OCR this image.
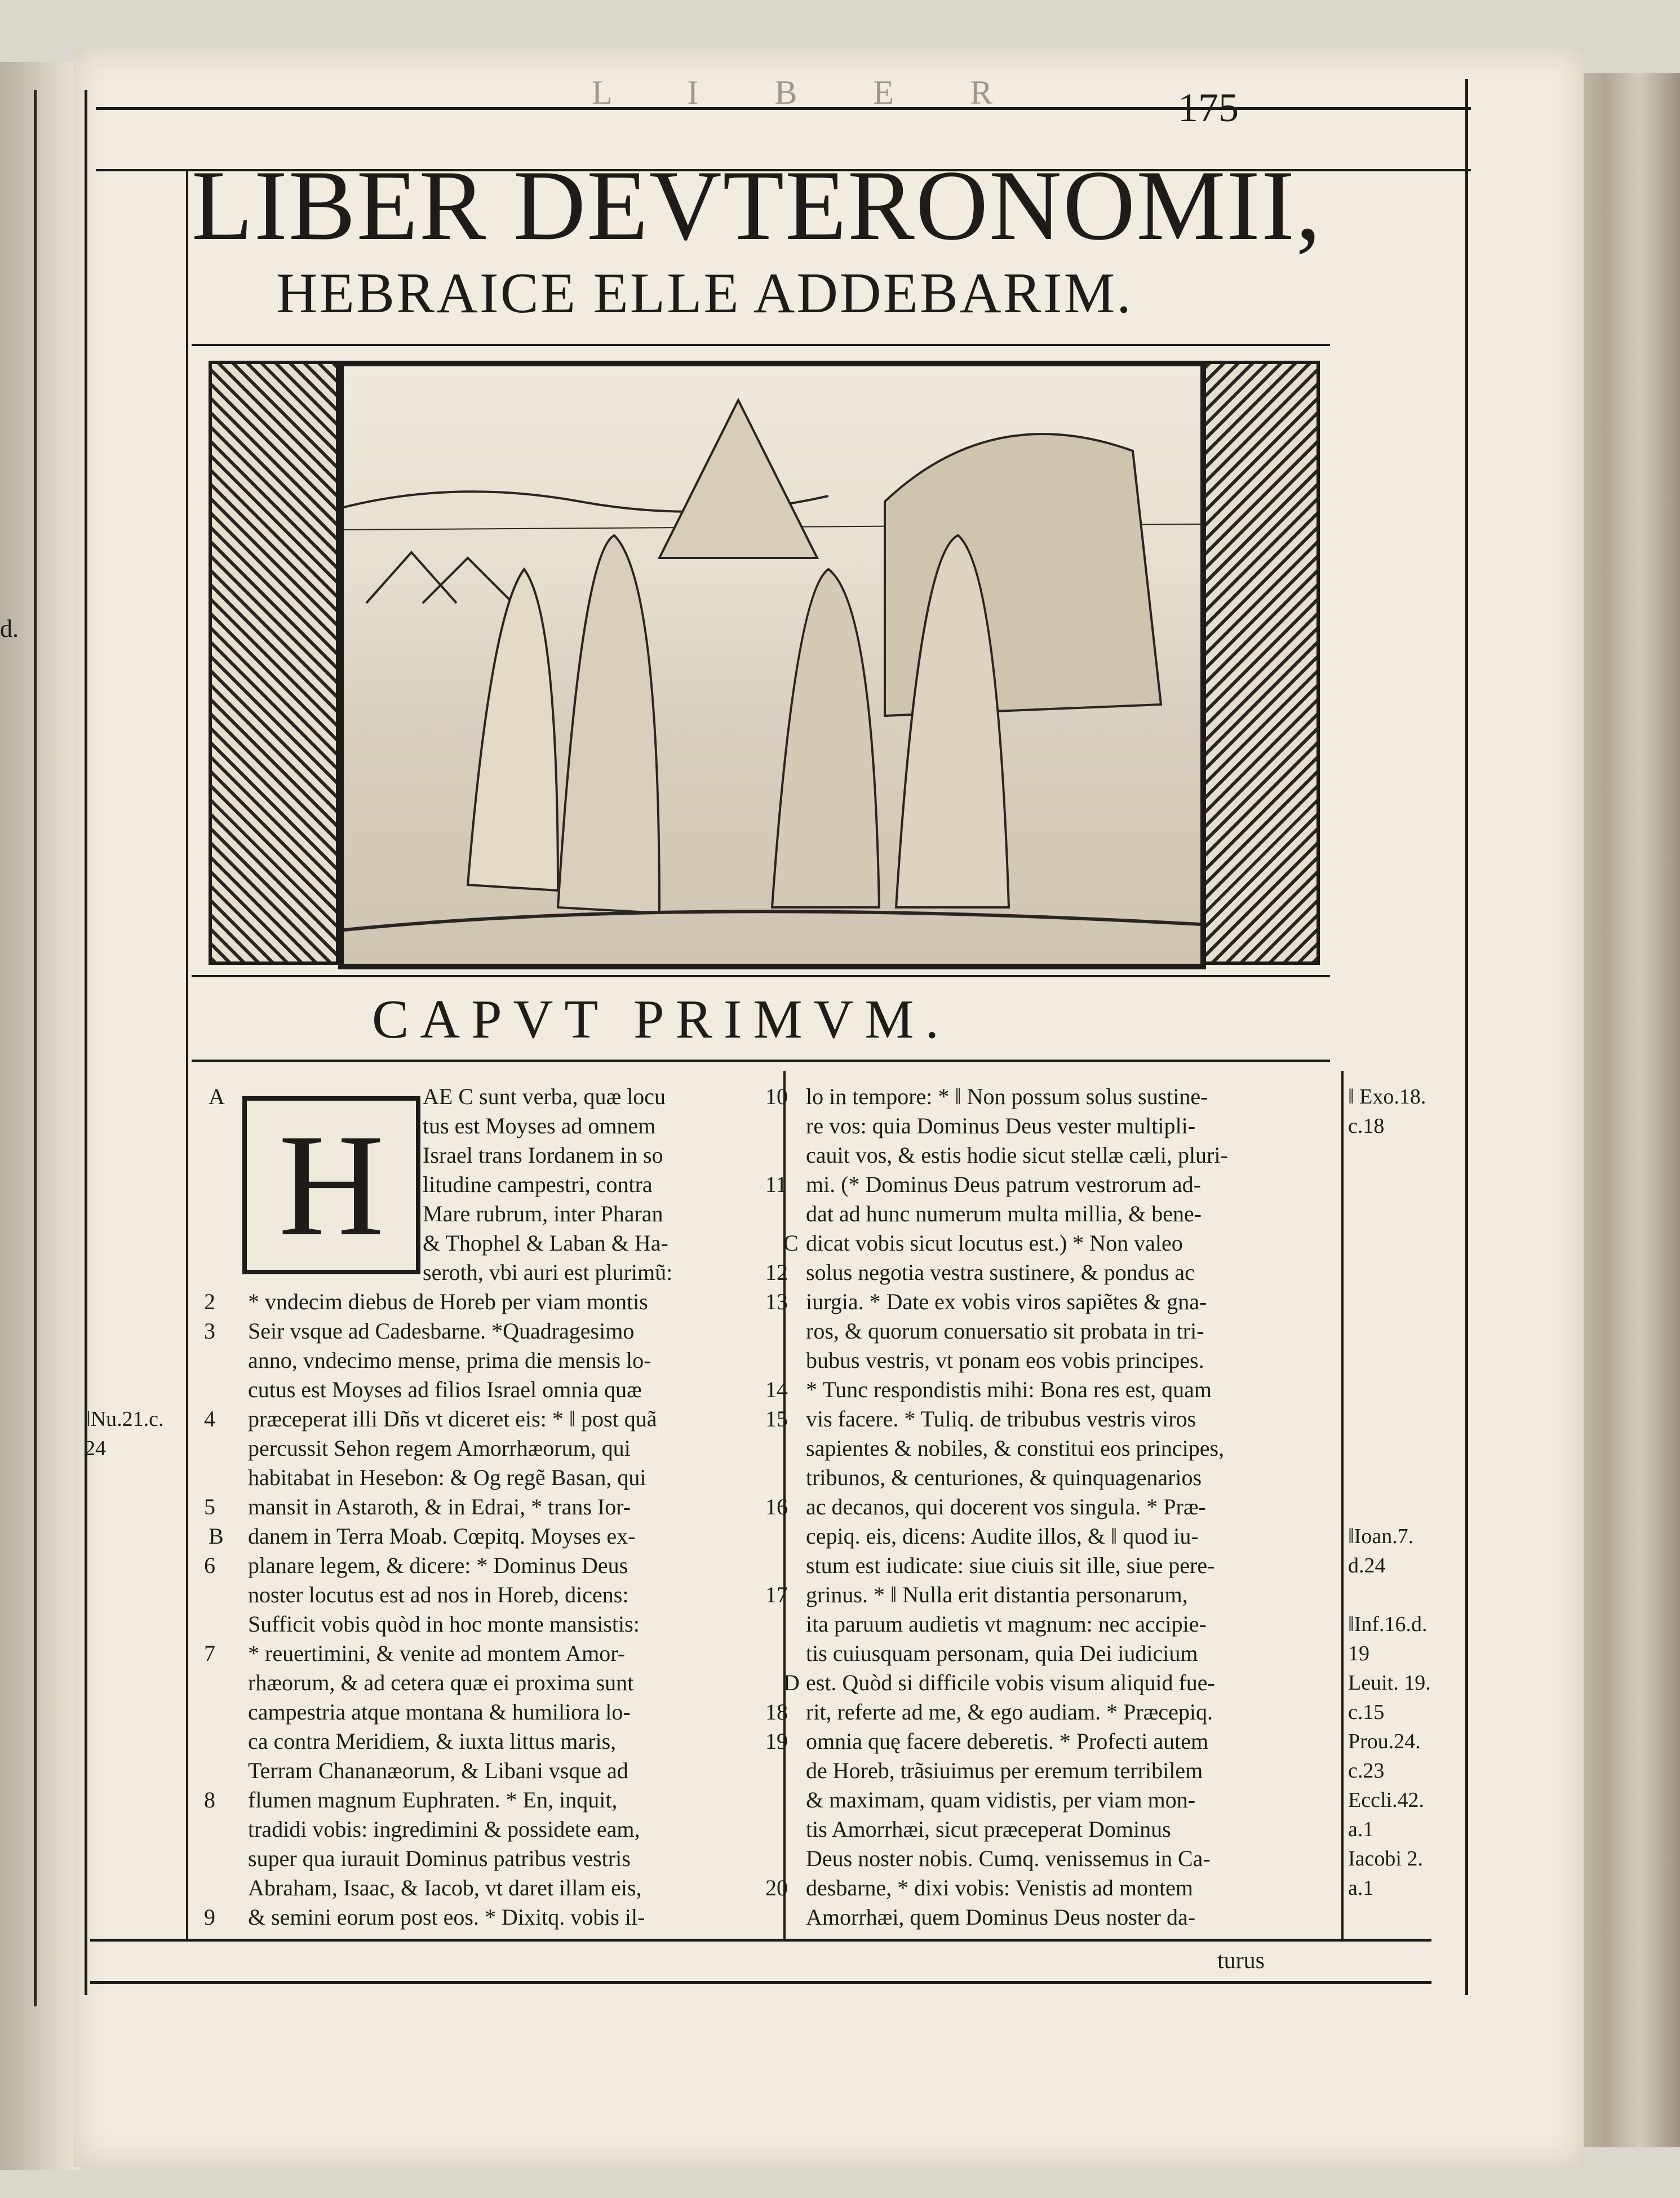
d.
L I B E R	175
LIBER DEVTERONOMII,
HEBRAICE ELLE ADDEBARIM.
CAPVT PRIMVM.
H
AE C sunt verba, quæ locu
tus est Moyses ad omnem
Israel trans Iordanem in so
litudine campestri, contra
Mare rubrum, inter Pharan
& Thophel & Laban & Ha-
seroth, vbi auri est plurimũ:
* vndecim diebus de Horeb per viam montis
Seir vsque ad Cadesbarne. *Quadragesimo
anno, vndecimo mense, prima die mensis lo-
cutus est Moyses ad filios Israel omnia quæ
præceperat illi Dñs vt diceret eis: * ‖ post quã
percussit Sehon regem Amorrhæorum, qui
habitabat in Hesebon: & Og regẽ Basan, qui
mansit in Astaroth, & in Edrai, * trans Ior-
danem in Terra Moab. Cœpitq. Moyses ex-
planare legem, & dicere: * Dominus Deus
noster locutus est ad nos in Horeb, dicens:
Sufficit vobis quòd in hoc monte mansistis:
* reuertimini, & venite ad montem Amor-
rhæorum, & ad cetera quæ ei proxima sunt
campestria atque montana & humiliora lo-
ca contra Meridiem, & iuxta littus maris,
Terram Chananæorum, & Libani vsque ad
flumen magnum Euphraten. * En, inquit,
tradidi vobis: ingredimini & possidete eam,
super qua iurauit Dominus patribus vestris
Abraham, Isaac, & Iacob, vt daret illam eis,
& semini eorum post eos. * Dixitq. vobis il-
lo in tempore: * ‖ Non possum solus sustine-
re vos: quia Dominus Deus vester multipli-
cauit vos, & estis hodie sicut stellæ cæli, pluri-
mi. (* Dominus Deus patrum vestrorum ad-
dat ad hunc numerum multa millia, & bene-
dicat vobis sicut locutus est.) * Non valeo
solus negotia vestra sustinere, & pondus ac
iurgia. * Date ex vobis viros sapiẽtes & gna-
ros, & quorum conuersatio sit probata in tri-
bubus vestris, vt ponam eos vobis principes.
* Tunc respondistis mihi: Bona res est, quam
vis facere. * Tuliq. de tribubus vestris viros
sapientes & nobiles, & constitui eos principes,
tribunos, & centuriones, & quinquagenarios
ac decanos, qui docerent vos singula. * Præ-
cepiq. eis, dicens: Audite illos, & ‖ quod iu-
stum est iudicate: siue ciuis sit ille, siue pere-
grinus. * ‖ Nulla erit distantia personarum,
ita paruum audietis vt magnum: nec accipie-
tis cuiusquam personam, quia Dei iudicium
est. Quòd si difficile vobis visum aliquid fue-
rit, referte ad me, & ego audiam. * Præcepiq.
omnia quę facere deberetis. * Profecti autem
de Horeb, trãsiuimus per eremum terribilem
& maximam, quam vidistis, per viam mon-
tis Amorrhæi, sicut præceperat Dominus
Deus noster nobis. Cumq. venissemus in Ca-
desbarne, * dixi vobis: Venistis ad montem
Amorrhæi, quem Dominus Deus noster da-
turus
2
3
4
5
6
7
8
9
A
B
‖Nu.21.c.
24
10
11
12
13
14
15
16
17
18
19
20
C
D
‖ Exo.18.
c.18
‖Ioan.7.
d.24
‖Inf.16.d.
19
Leuit. 19.
c.15
Prou.24.
c.23
Eccli.42.
a.1
Iacobi 2.
a.1
